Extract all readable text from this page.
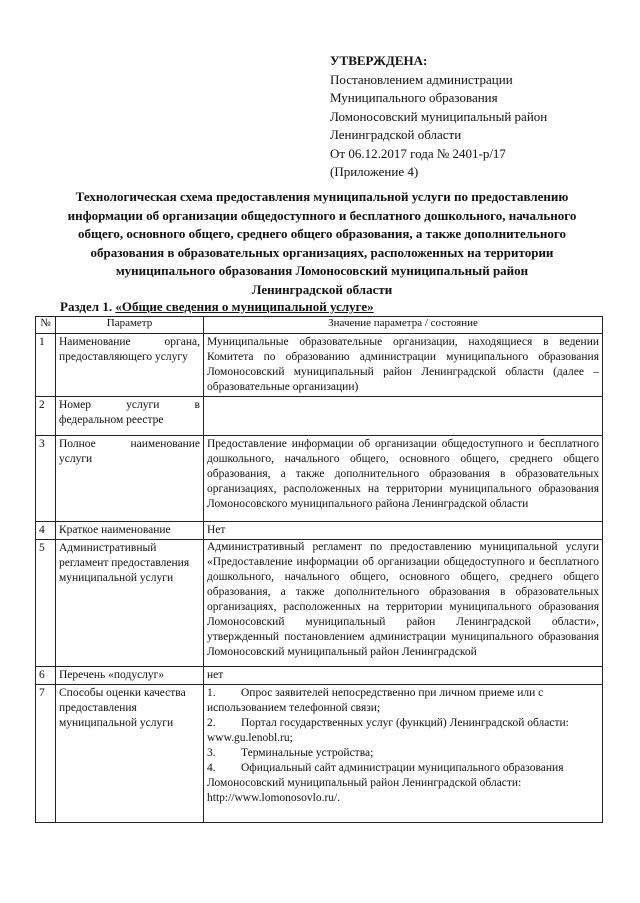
УТВЕРЖДЕНА:
Постановлением администрации
Муниципального образования
Ломоносовский муниципальный район
Ленинградской области
От 06.12.2017 года № 2401-р/17
(Приложение 4)
Технологическая схема предоставления муниципальной услуги по предоставлению
информации об организации общедоступного и бесплатного дошкольного, начального
общего, основного общего, среднего общего образования, а также дополнительного
образования в образовательных организациях, расположенных на территории
муниципального образования Ломоносовский муниципальный район
Ленинградской области
Раздел 1. «Общие сведения о муниципальной услуге»
№	Параметр	Значение параметра / состояние
1	Наименование органа, предоставляющего услугу	Муниципальные образовательные организации, находящиеся в ведении Комитета по образованию администрации муниципального образования Ломоносовский муниципальный район Ленинградской области (далее – образовательные организации)
2	Номер услуги в федеральном реестре	
3	Полное наименование услуги	Предоставление информации об организации общедоступного и бесплатного дошкольного, начального общего, основного общего, среднего общего образования, а также дополнительного образования в образовательных организациях, расположенных на территории муниципального образования Ломоносовского муниципального района Ленинградской области
4	Краткое наименование	Нет
5	Административный регламент предоставления муниципальной услуги	Административный регламент по предоставлению муниципальной услуги «Предоставление информации об организации общедоступного и бесплатного дошкольного, начального общего, основного общего, среднего общего образования, а также дополнительного образования в образовательных организациях, расположенных на территории муниципального образования Ломоносовский муниципальный район Ленинградской области», утвержденный постановлением администрации муниципального образования Ломоносовский муниципальный район Ленинградской

6	Перечень «подуслуг»	нет
7	Способы оценки качества предоставления муниципальной услуги	1. Опрос заявителей непосредственно при личном приеме или с использованием телефонной связи;
2. Портал государственных услуг (функций) Ленинградской области: www.gu.lenobl.ru;
3. Терминальные устройства;
4. Официальный сайт администрации муниципального образования Ломоносовский муниципальный район Ленинградской области: http://www.lomonosovlo.ru/.
